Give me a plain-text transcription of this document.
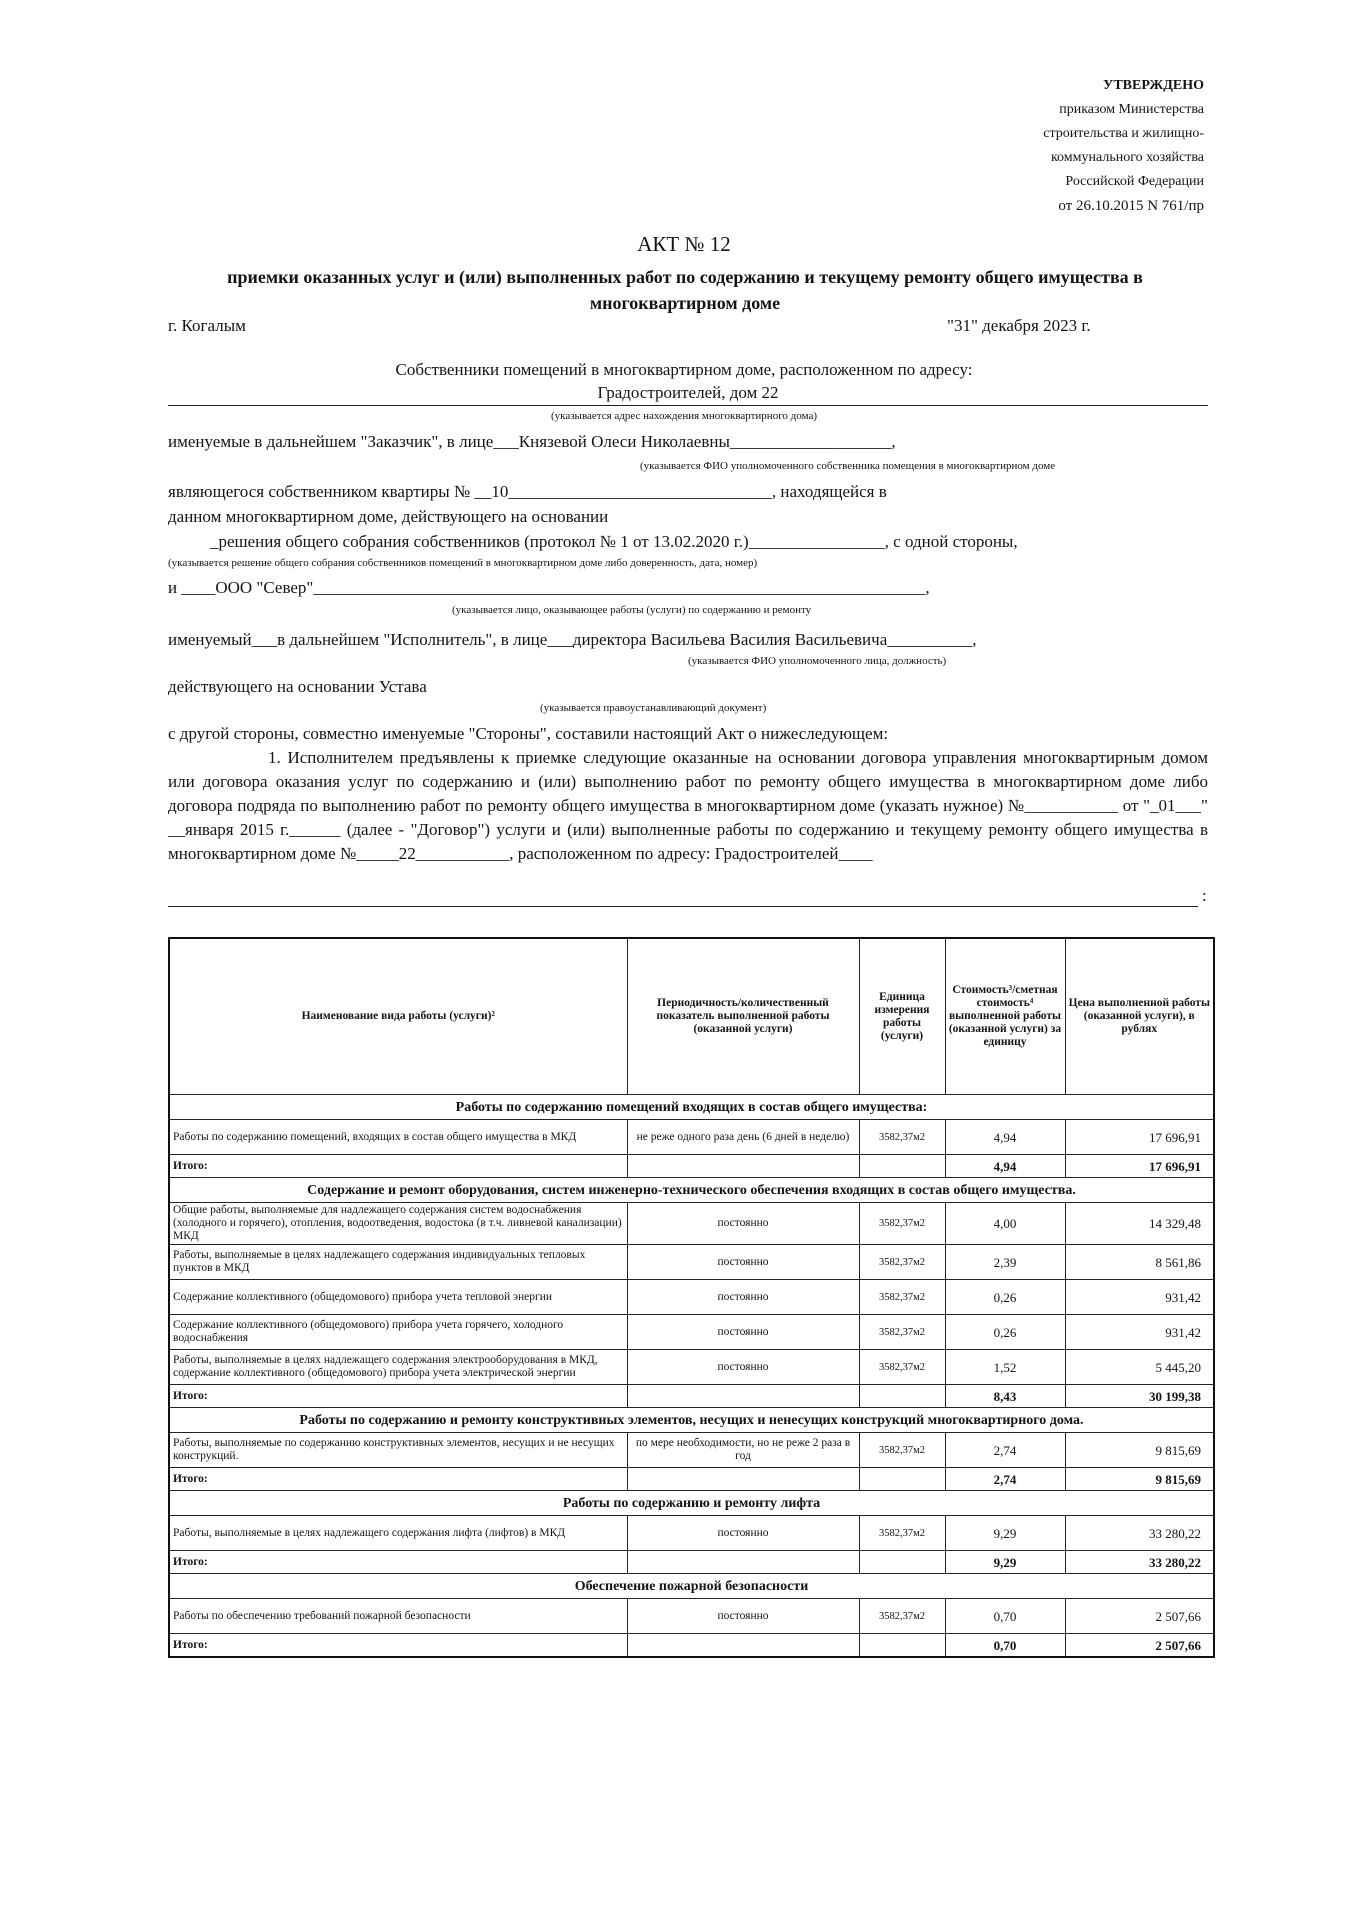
УТВЕРЖДЕНО
приказом Министерства
строительства и жилищно-
коммунального хозяйства
Российской Федерации
от 26.10.2015 N 761/пр
АКТ № 12
приемки оказанных услуг и (или) выполненных работ по содержанию и текущему ремонту общего имущества в многоквартирном доме
г. Когалым	"31" декабря 2023 г.
Собственники помещений в многоквартирном доме, расположенном по адресу:
Градостроителей, дом 22
(указывается адрес нахождения многоквартирного дома)
именуемые в дальнейшем "Заказчик", в лице___Князевой Олеси Николаевны___________________,
(указывается ФИО уполномоченного собственника помещения в многоквартирном доме
являющегося собственником квартиры № __10_______________________________, находящейся в
данном многоквартирном доме, действующего на основании
_решения общего собрания собственников (протокол № 1 от 13.02.2020 г.)________________, с одной стороны,
(указывается решение общего собрания собственников помещений в многоквартирном доме либо доверенность, дата, номер)
и ____ООО "Север"________________________________________________________________________,
(указывается лицо, оказывающее работы (услуги) по содержанию и ремонту
именуемый___в дальнейшем "Исполнитель", в лице___директора Васильева Василия Васильевича__________,
(указывается ФИО уполномоченного лица, должность)
действующего на основании Устава
(указывается правоустанавливающий документ)
с другой стороны, совместно именуемые "Стороны", составили настоящий Акт о нижеследующем:
1. Исполнителем предъявлены к приемке следующие оказанные на основании договора управления многоквартирным домом или договора оказания услуг по содержанию и (или) выполнению работ по ремонту общего имущества в многоквартирном доме либо договора подряда по выполнению работ по ремонту общего имущества в многоквартирном доме (указать нужное) №___________ от "_01___" __января 2015 г.______ (далее - "Договор") услуги и (или) выполненные работы по содержанию и текущему ремонту общего имущества в многоквартирном доме №_____22___________, расположенном по адресу: Градостроителей____
:
Наименование вида работы (услуги)²	Периодичность/количественный показатель выполненной работы (оказанной услуги)	Единица измерения работы (услуги)	Стоимость³/сметная стоимость⁴ выполненной работы (оказанной услуги) за единицу	Цена выполненной работы (оказанной услуги), в рублях
Работы по содержанию помещений входящих в состав общего имущества:				
Работы по содержанию помещений, входящих в состав общего имущества в МКД	не реже одного раза день (6 дней в неделю)	3582,37м2	4,94	17 696,91
Итого:			4,94	17 696,91
Содержание и ремонт оборудования, систем инженерно-технического обеспечения входящих в состав общего имущества.				
Общие работы, выполняемые для надлежащего содержания систем водоснабжения (холодного и горячего), отопления, водоотведения, водостока (в т.ч. ливневой канализации) МКД	постоянно	3582,37м2	4,00	14 329,48
Работы, выполняемые в целях надлежащего содержания индивидуальных тепловых пунктов в МКД	постоянно	3582,37м2	2,39	8 561,86
Содержание коллективного (общедомового) прибора учета тепловой энергии	постоянно	3582,37м2	0,26	931,42
Содержание коллективного (общедомового) прибора учета горячего, холодного водоснабжения	постоянно	3582,37м2	0,26	931,42
Работы, выполняемые в целях надлежащего содержания электрооборудования в МКД, содержание коллективного (общедомового) прибора учета электрической энергии	постоянно	3582,37м2	1,52	5 445,20
Итого:			8,43	30 199,38
Работы по содержанию и ремонту конструктивных элементов, несущих и ненесущих конструкций многоквартирного дома.				
Работы, выполняемые по содержанию конструктивных элементов, несущих и не несущих конструкций.	по мере необходимости, но не реже 2 раза в год	3582,37м2	2,74	9 815,69
Итого:			2,74	9 815,69
Работы по содержанию и ремонту лифта				
Работы, выполняемые в целях надлежащего содержания лифта (лифтов) в МКД	постоянно	3582,37м2	9,29	33 280,22
Итого:			9,29	33 280,22
Обеспечение пожарной безопасности				
Работы по обеспечению требований пожарной безопасности	постоянно	3582,37м2	0,70	2 507,66
Итого:			0,70	2 507,66
